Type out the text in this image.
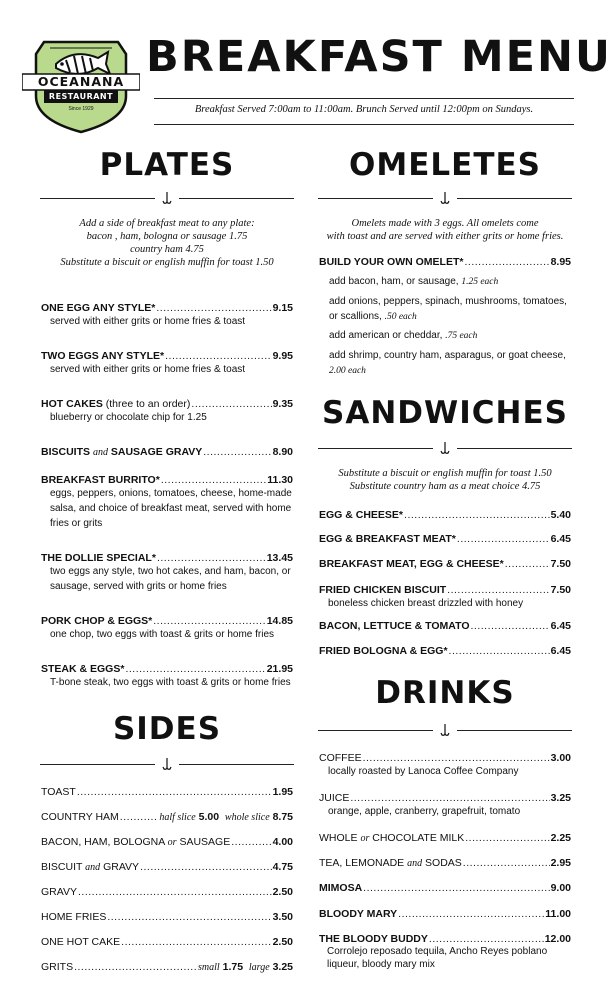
OCEANANA
RESTAURANT
Since 1929
BREAKFAST MENU
Breakfast Served 7:00am to 11:00am. Brunch Served until 12:00pm on Sundays.
PLATES
Add a side of breakfast meat to any plate:
bacon , ham, bologna or sausage 1.75
country ham 4.75
Substitute a biscuit or english muffin for toast 1.50
ONE EGG ANY STYLE* .....	9.15
served with either grits or home fries & toast
TWO EGGS ANY STYLE* .....	9.95
served with either grits or home fries & toast
HOT CAKES (three to an order) .....	9.35
blueberry or chocolate chip for 1.25
BISCUITS and SAUSAGE GRAVY .....	8.90
BREAKFAST BURRITO* .....	11.30
eggs, peppers, onions, tomatoes, cheese, home-made salsa, and choice of breakfast meat, served with home fries or grits
THE DOLLIE SPECIAL* .....	13.45
two eggs any style, two hot cakes, and ham, bacon, or sausage, served with grits or home fries
PORK CHOP & EGGS* .....	14.85
one chop, two eggs with toast & grits or home fries
STEAK & EGGS* .....	21.95
T-bone steak, two eggs with toast & grits or home fries
SIDES
TOAST .....	1.95
COUNTRY HAM .....	half slice 5.00 whole slice 8.75
BACON, HAM, BOLOGNA or SAUSAGE .....	4.00
BISCUIT and GRAVY .....	4.75
GRAVY .....	2.50
HOME FRIES .....	3.50
ONE HOT CAKE .....	2.50
GRITS .....	small 1.75 large 3.25
OMELETES
Omelets made with 3 eggs. All omelets come
with toast and are served with either grits or home fries.
BUILD YOUR OWN OMELET* .....	8.95
add bacon, ham, or sausage, 1.25 each
add onions, peppers, spinach, mushrooms, tomatoes, or scallions, .50 each
add american or cheddar, .75 each
add shrimp, country ham, asparagus, or goat cheese, 2.00 each
SANDWICHES
Substitute a biscuit or english muffin for toast 1.50
Substitute country ham as a meat choice 4.75
EGG & CHEESE* .....	5.40
EGG & BREAKFAST MEAT* .....	6.45
BREAKFAST MEAT, EGG & CHEESE* .....	7.50
FRIED CHICKEN BISCUIT .....	7.50
boneless chicken breast drizzled with honey
BACON, LETTUCE & TOMATO .....	6.45
FRIED BOLOGNA & EGG* .....	6.45
DRINKS
COFFEE .....	3.00
locally roasted by Lanoca Coffee Company
JUICE .....	3.25
orange, apple, cranberry, grapefruit, tomato
WHOLE or CHOCOLATE MILK .....	2.25
TEA, LEMONADE and SODAS .....	2.95
MIMOSA .....	9.00
BLOODY MARY .....	11.00
THE BLOODY BUDDY .....	12.00
Corrolejo reposado tequila, Ancho Reyes poblano liqueur, bloody mary mix
